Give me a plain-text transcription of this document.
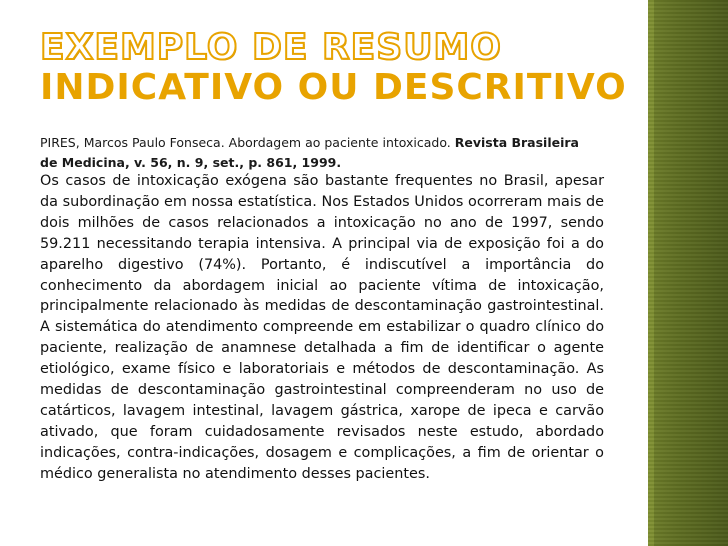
EXEMPLO DE RESUMO
INDICATIVO OU DESCRITIVO

PIRES, Marcos Paulo Fonseca. Abordagem ao paciente intoxicado. Revista Brasileira de Medicina, v. 56, n. 9, set., p. 861, 1999.

Os casos de intoxicação exógena são bastante frequentes no Brasil, apesar da subordinação em nossa estatística. Nos Estados Unidos ocorreram mais de dois milhões de casos relacionados a intoxicação no ano de 1997, sendo 59.211 necessitando terapia intensiva. A principal via de exposição foi a do aparelho digestivo (74%). Portanto, é indiscutível a importância do conhecimento da abordagem inicial ao paciente vítima de intoxicação, principalmente relacionado às medidas de descontaminação gastrointestinal. A sistemática do atendimento compreende em estabilizar o quadro clínico do paciente, realização de anamnese detalhada a fim de identificar o agente etiológico, exame físico e laboratoriais e métodos de descontaminação. As medidas de descontaminação gastrointestinal compreenderam no uso de catárticos, lavagem intestinal, lavagem gástrica, xarope de ipeca e carvão ativado, que foram cuidadosamente revisados neste estudo, abordado indicações, contra-indicações, dosagem e complicações, a fim de orientar o médico generalista no atendimento desses pacientes.
